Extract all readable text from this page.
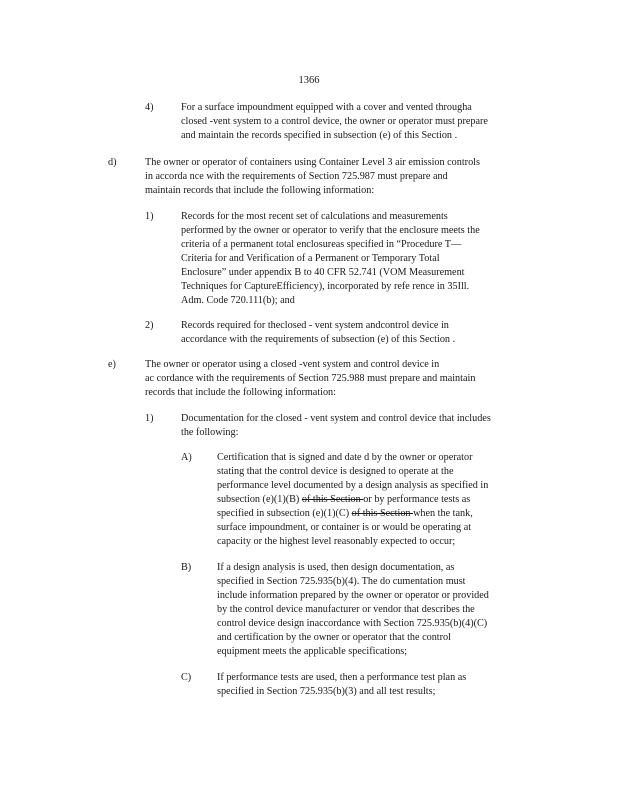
1366
4)	For a surface impoundment equipped with a cover and vented througha
closed -vent system to a control device, the owner or operator must prepare
and maintain the records specified in subsection (e) of this Section .
d)	The owner or operator of containers using Container Level 3 air emission controls
in accorda nce with the requirements of Section 725.987 must prepare and
maintain records that include the following information:
1)	Records for the most recent set of calculations and measurements
performed by the owner or operator to verify that the enclosure meets the
criteria of a permanent total enclosureas specified in “Procedure T—
Criteria for and Verification of a Permanent or Temporary Total
Enclosure” under appendix B to 40 CFR 52.741 (VOM Measurement
Techniques for CaptureEfficiency), incorporated by refe rence in 35Ill.
Adm. Code 720.111(b); and
2)	Records required for theclosed - vent system andcontrol device in
accordance with the requirements of subsection (e) of this Section .
e)	The owner or operator using a closed -vent system and control device in
ac cordance with the requirements of Section 725.988 must prepare and maintain
records that include the following information:
1)	Documentation for the closed - vent system and control device that includes
the following:
A) Certification that is signed and date d by the owner or operator
stating that the control device is designed to operate at the
performance level documented by a design analysis as specified in
subsection (e)(1)(B) of this Section or by performance tests as
specified in subsection (e)(1)(C) of this Section when the tank,
surface impoundment, or container is or would be operating at
capacity or the highest level reasonably expected to occur;
B)	If a design analysis is used, then design documentation, as
specified in Section 725.935(b)(4). The do cumentation must
include information prepared by the owner or operator or provided
by the control device manufacturer or vendor that describes the
control device design inaccordance with Section 725.935(b)(4)(C)
and certification by the owner or operator that the control
equipment meets the applicable specifications;
C)	If performance tests are used, then a performance test plan as
specified in Section 725.935(b)(3) and all test results;
